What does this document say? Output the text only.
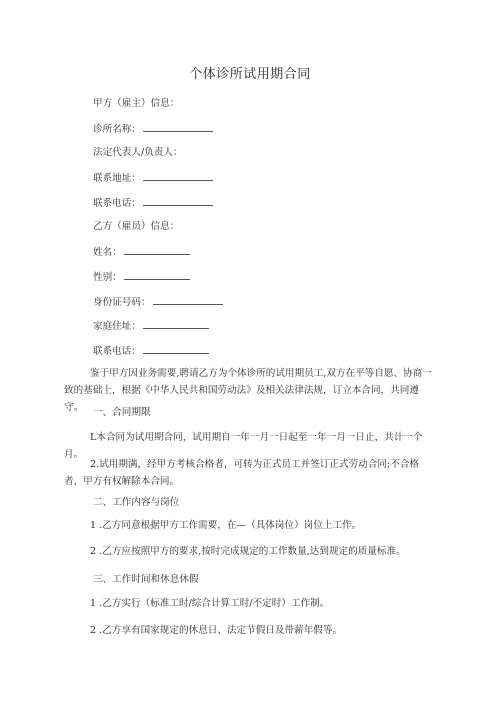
个体诊所试用期合同
甲方（雇主）信息：
诊所名称：
法定代表人/负责人：
联系地址：
联系电话：
乙方（雇员）信息：
姓名：
性别：
身份证号码：
家庭住址：
联系电话：
鉴于甲方因业务需要,聘请乙方为个体诊所的试用期员工,双方在平等自愿、协商一致的基础上，根据《中华人民共和国劳动法》及相关法律法规，订立本合同，共同遵守。	一、合同期限
L本合同为试用期合同，试用期自一年一月一日起至一年一月一日止，共计一个月。
2.试用期满，经甲方考核合格者，可转为正式员工并签订正式劳动合同;不合格者，甲方有权解除本合同。
二、工作内容与岗位
1 .乙方同意根据甲方工作需要，在—（具体岗位）岗位上工作。
2 .乙方应按照甲方的要求,按时完成规定的工作数量,达到规定的质量标准。
三、工作时间和休息休假
1 .乙方实行（标准工时/综合计算工时/不定时）工作制。
2 .乙方享有国家规定的休息日、法定节假日及带薪年假等。
